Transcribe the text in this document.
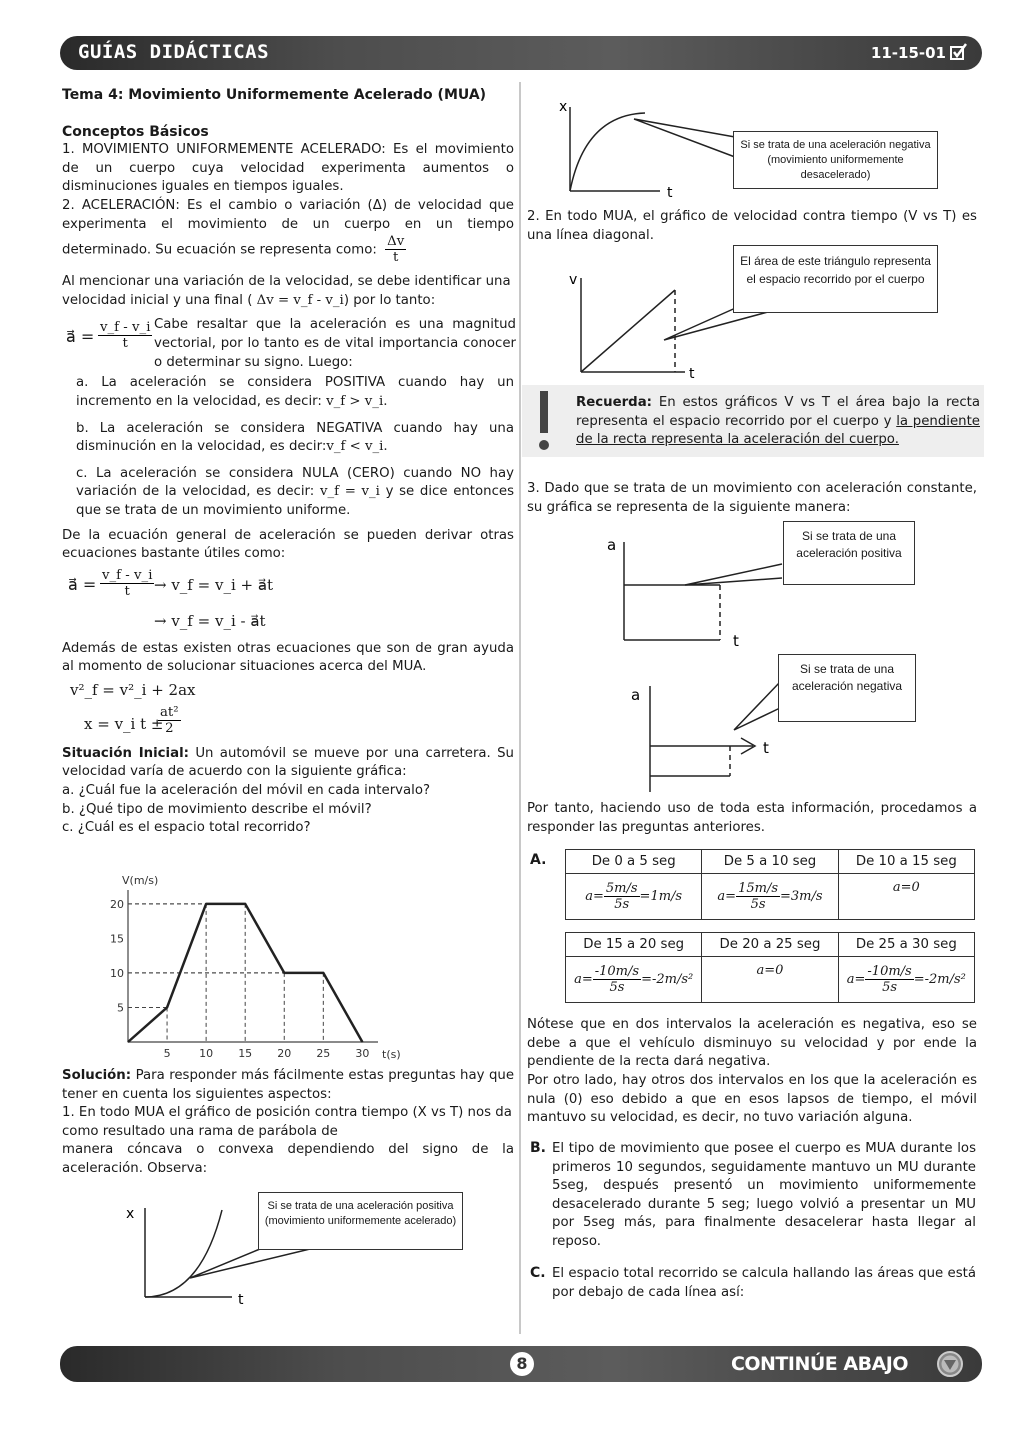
GUÍAS DIDÁCTICAS	11-15-01
Tema 4: Movimiento Uniformemente Acelerado (MUA)
Conceptos Básicos
1. MOVIMIENTO UNIFORMEMENTE ACELERADO: Es el movimiento de un cuerpo cuya velocidad experimenta aumentos o disminuciones iguales en tiempos iguales.
2. ACELERACIÓN: Es el cambio o variación (Δ) de velocidad que experimenta el movimiento de un cuerpo en un tiempo determinado. Su ecuación se representa como: $\frac{\Delta v}{t}$
Al mencionar una variación de la velocidad, se debe identificar una velocidad inicial y una final ( Δv = v_f - v_i) por lo tanto:
a⃗ = $\frac{v\_f - v\_i}{t}$ Cabe resaltar que la aceleración es una magnitud vectorial, por lo tanto es de vital importancia conocer o determinar su signo. Luego:
a. La aceleración se considera POSITIVA cuando hay un incremento en la velocidad, es decir: v_f > v_i.
b. La aceleración se considera NEGATIVA cuando hay una disminución en la velocidad, es decir:v_f < v_i.
c. La aceleración se considera NULA (CERO) cuando NO hay variación de la velocidad, es decir: v_f = v_i y se dice entonces que se trata de un movimiento uniforme.
De la ecuación general de aceleración se pueden derivar otras ecuaciones bastante útiles como:
a⃗ = $\frac{v\_f - v\_i}{t}$ → v_f = v_i + a⃗t
→ v_f = v_i - a⃗t
Además de estas existen otras ecuaciones que son de gran ayuda al momento de solucionar situaciones acerca del MUA.
v²_f = v²_i + 2ax
x = v_i t ±
$\frac{\text{at²}}{2}$
Situación Inicial: Un automóvil se mueve por una carretera. Su velocidad varía de acuerdo con la siguiente gráfica:
a. ¿Cuál fue la aceleración del móvil en cada intervalo?
b. ¿Qué tipo de movimiento describe el móvil?
c. ¿Cuál es el espacio total recorrido?
V(m/s)
t(s)
5
10
15
20
5	10 15 20 25 30
Solución: Para responder más fácilmente estas preguntas hay que tener en cuenta los siguientes aspectos:
1. En todo MUA el gráfico de posición contra tiempo (X vs T) nos da como resultado una rama de parábola de
manera cóncava o convexa dependiendo del signo de la aceleración. Observa:
x
t
Si se trata de una aceleración positiva (movimiento uniformemente acelerado)
x
t
Si se trata de una aceleración negativa (movimiento uniformemente desacelerado)
2. En todo MUA, el gráfico de velocidad contra tiempo (V vs T) es una línea diagonal.
v
t
El área de este triángulo representa el espacio recorrido por el cuerpo
Recuerda: En estos gráficos V vs T el área bajo la recta representa el espacio recorrido por el cuerpo y la pendiente de la recta representa la aceleración del cuerpo.
3. Dado que se trata de un movimiento con aceleración constante, su gráfica se representa de la siguiente manera:
a
t
Si se trata de una aceleración positiva
a
t
Si se trata de una aceleración negativa
Por tanto, haciendo uso de toda esta información, procedamos a responder las preguntas anteriores.
A.	De 0 a 5 seg	De 5 a 10 seg	De 10 a 15 seg
$a= \frac{5m/s}{5s} =1m/s$	$a= \frac{15m/s}{5s} =3m/s$	a=0
De 15 a 20 seg	De 20 a 25 seg	De 25 a 30 seg
$a= \frac{-10m/s}{5s} =-2m/s^2$	a=0	$a= \frac{-10m/s}{5s} =-2m/s^2$
Nótese que en dos intervalos la aceleración es negativa, eso se debe a que el vehículo disminuyo su velocidad y por ende la pendiente de la recta dará negativa.
Por otro lado, hay otros dos intervalos en los que la aceleración es nula (0) eso debido a que en esos lapsos de tiempo, el móvil mantuvo su velocidad, es decir, no tuvo variación alguna.
B. El tipo de movimiento que posee el cuerpo es MUA durante los primeros 10 segundos, seguidamente mantuvo un MU durante 5seg, después presentó un movimiento uniformemente desacelerado durante 5 seg; luego volvió a presentar un MU por 5seg más, para finalmente desacelerar hasta llegar al reposo.
C. El espacio total recorrido se calcula hallando las áreas que está por debajo de cada línea así:
8	CONTINÚE ABAJO
